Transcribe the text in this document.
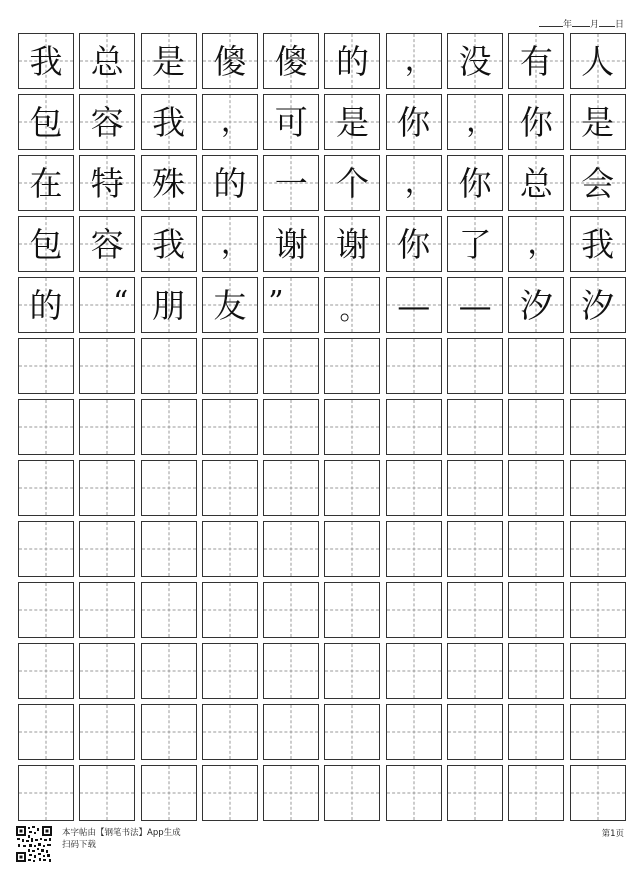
年 月 日
我 总 是 傻 傻 的	， 没 有 人
包 容 我	， 可 是 你	， 你 是
在 特 殊 的 一 个	， 你 总 会
包 容 我	， 谢 谢 你 了	， 我
的	“ 朋 友 ”	。 — — 汐 汐
本字帖由【钢笔书法】App生成
扫码下载
第1页
